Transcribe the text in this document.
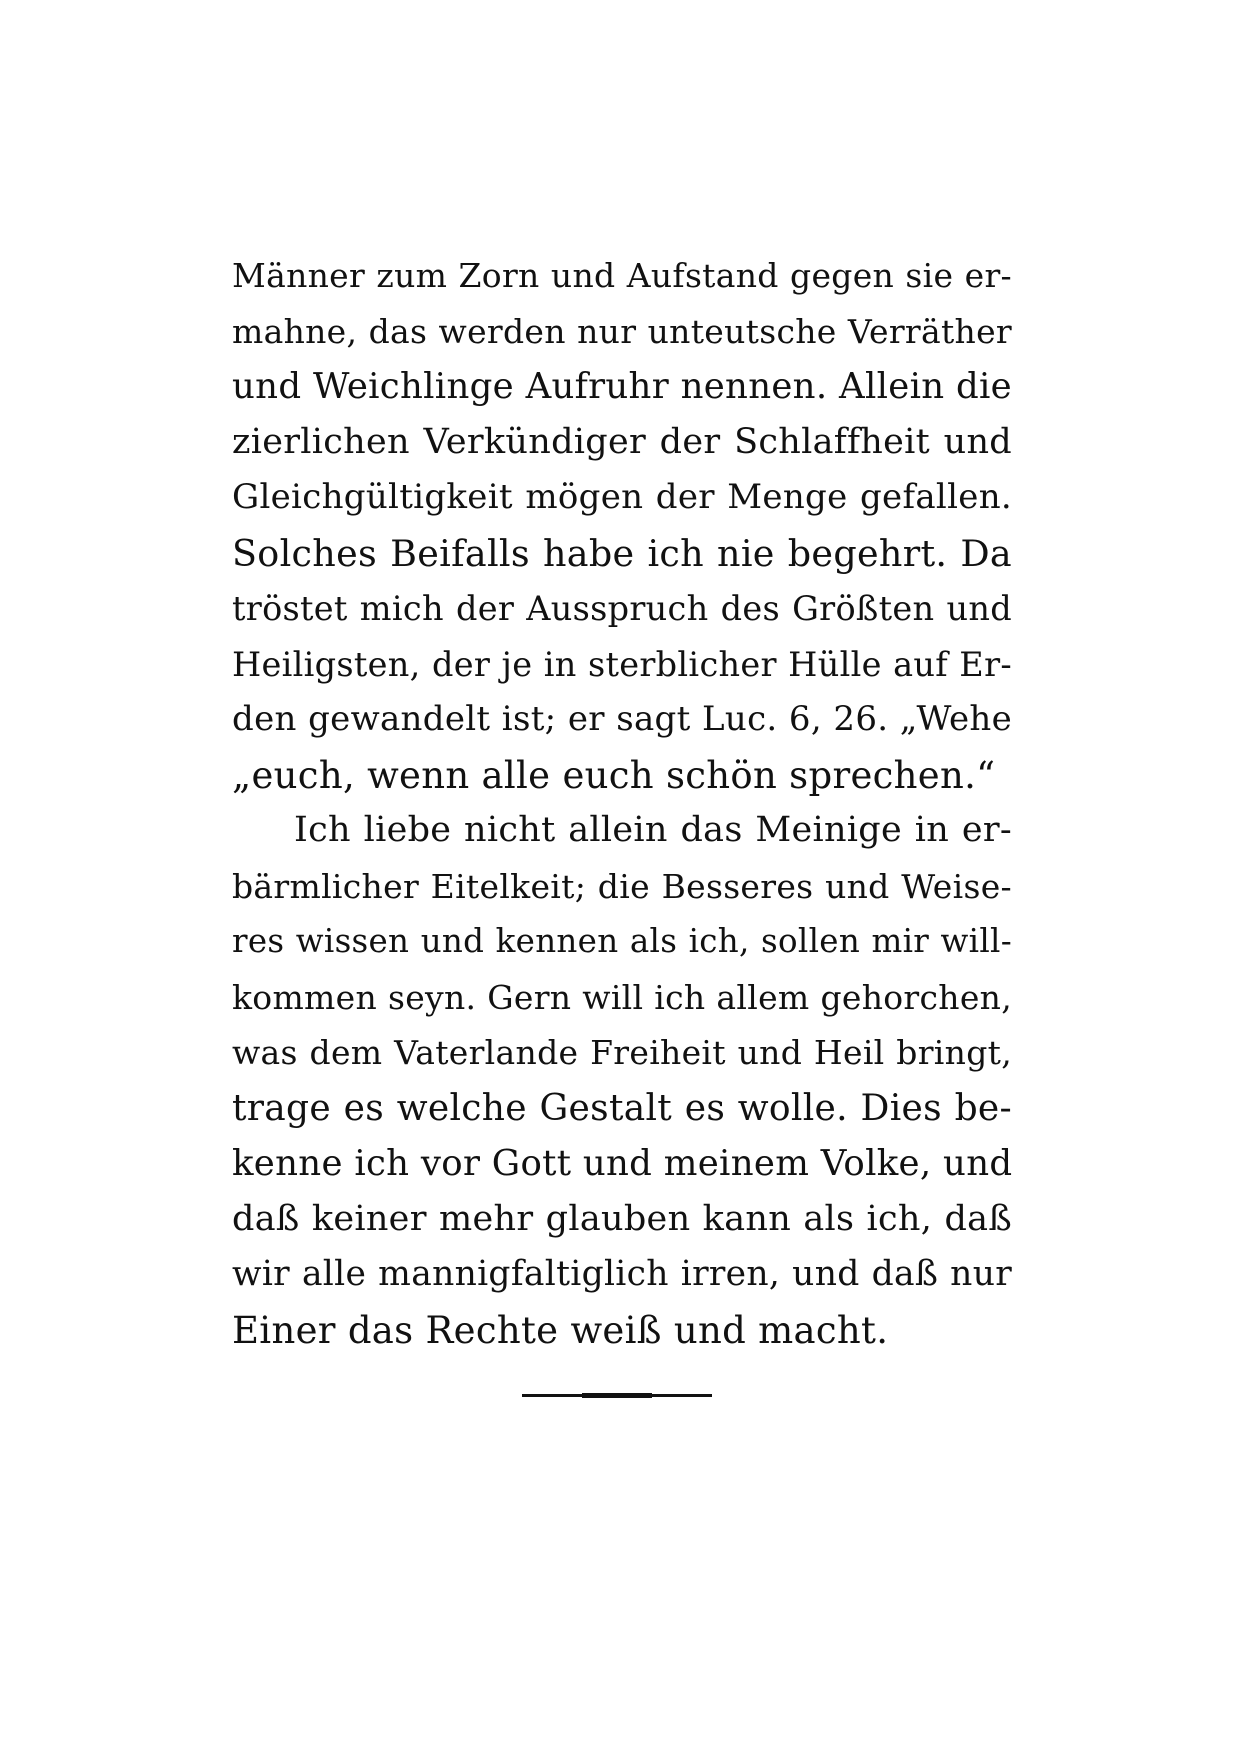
Männer zum Zorn und Aufstand gegen sie er-
mahne, das werden nur unteutsche Verräther
und Weichlinge Aufruhr nennen. Allein die
zierlichen Verkündiger der Schlaffheit und
Gleichgültigkeit mögen der Menge gefallen.
Solches Beifalls habe ich nie begehrt. Da
tröstet mich der Ausspruch des Größten und
Heiligsten, der je in sterblicher Hülle auf Er-
den gewandelt ist; er sagt Luc. 6, 26. „Wehe
„euch, wenn alle euch schön sprechen.“
Ich liebe nicht allein das Meinige in er-
bärmlicher Eitelkeit; die Besseres und Weise-
res wissen und kennen als ich, sollen mir will-
kommen seyn. Gern will ich allem gehorchen,
was dem Vaterlande Freiheit und Heil bringt,
trage es welche Gestalt es wolle. Dies be-
kenne ich vor Gott und meinem Volke, und
daß keiner mehr glauben kann als ich, daß
wir alle mannigfaltiglich irren, und daß nur
Einer das Rechte weiß und macht.
